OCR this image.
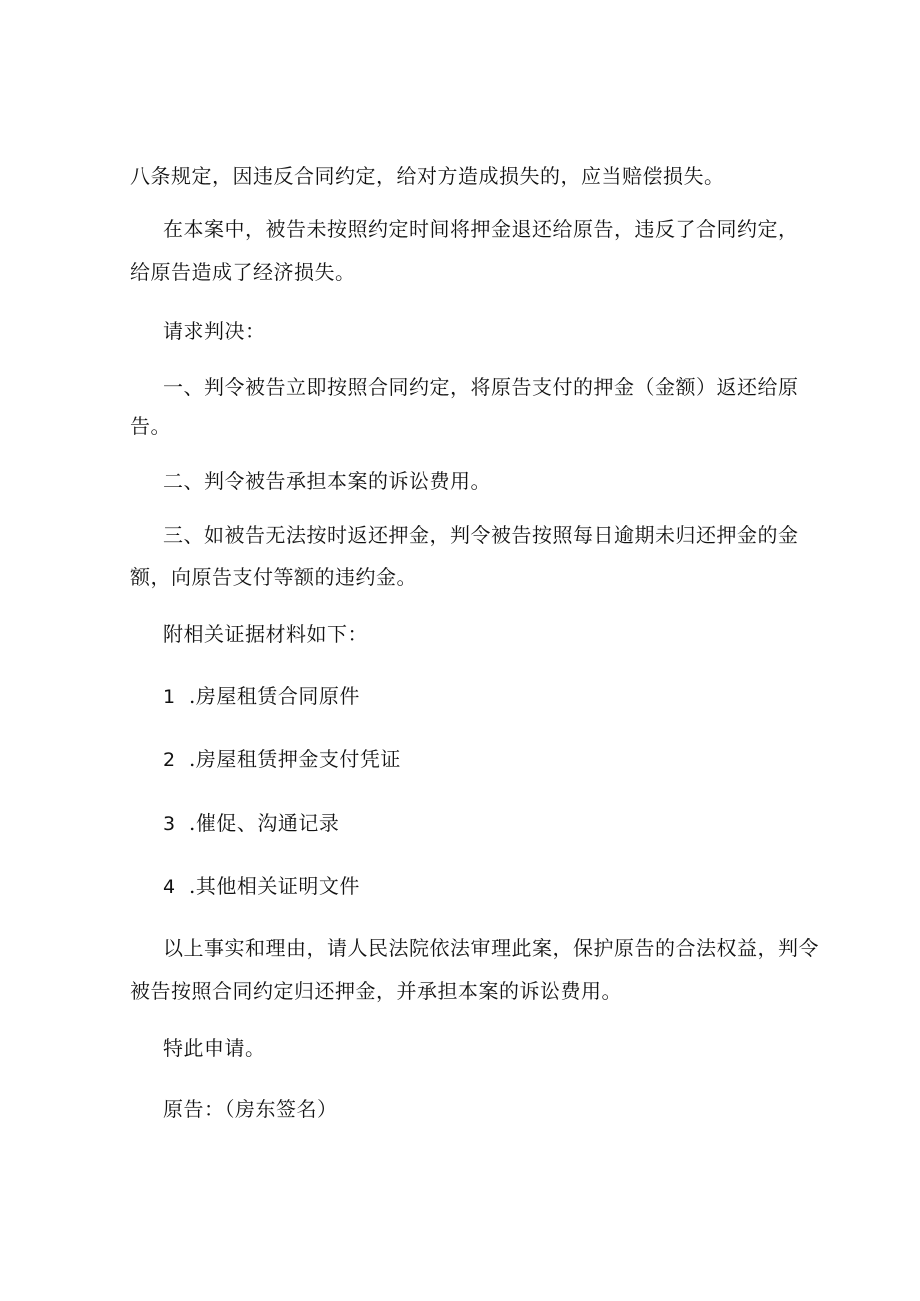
八条规定，因违反合同约定，给对方造成损失的，应当赔偿损失。
在本案中，被告未按照约定时间将押金退还给原告，违反了合同约定，
给原告造成了经济损失。
请求判决：
一、判令被告立即按照合同约定，将原告支付的押金（金额）返还给原
告。
二、判令被告承担本案的诉讼费用。
三、如被告无法按时返还押金，判令被告按照每日逾期未归还押金的金
额，向原告支付等额的违约金。
附相关证据材料如下：
1 .房屋租赁合同原件
2 .房屋租赁押金支付凭证
3 .催促、沟通记录
4 .其他相关证明文件
以上事实和理由，请人民法院依法审理此案，保护原告的合法权益，判令
被告按照合同约定归还押金，并承担本案的诉讼费用。
特此申请。
原告：（房东签名）
